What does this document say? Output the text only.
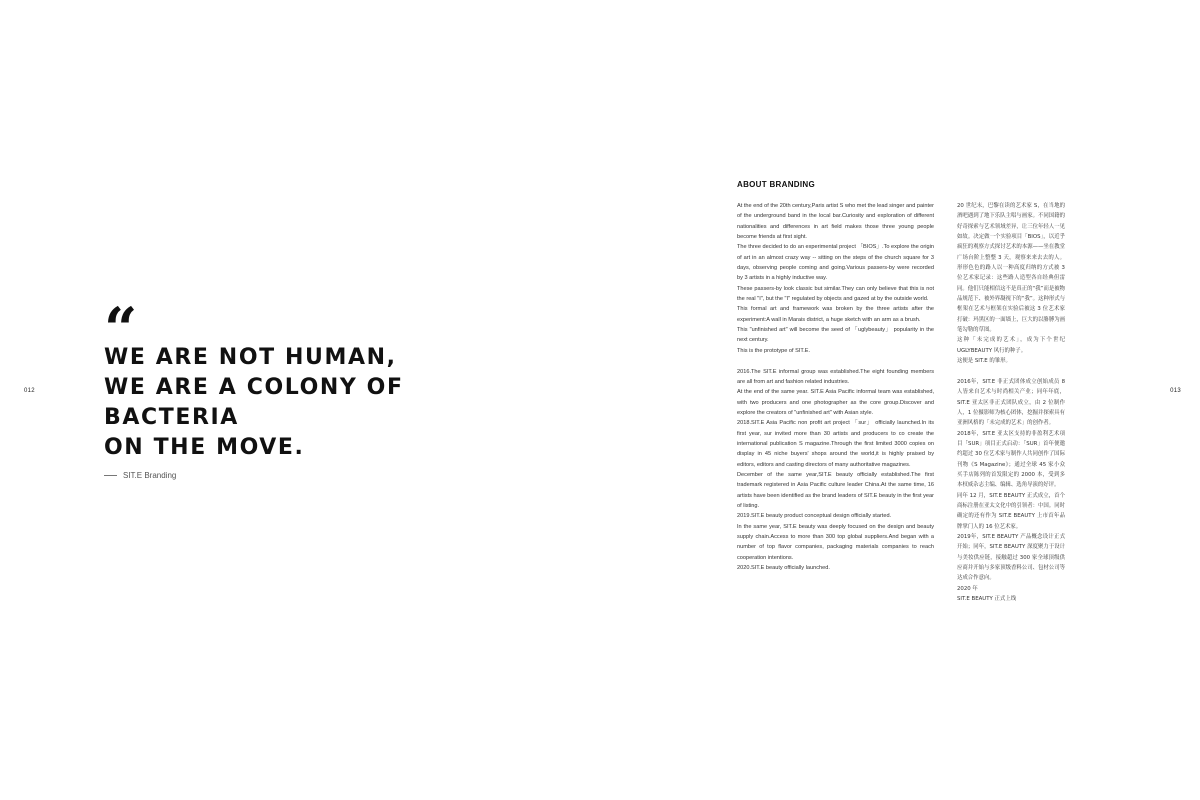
012	013
“
WE ARE NOT HUMAN,
WE ARE A COLONY OF
BACTERIA
ON THE MOVE.
SIT.E Branding
ABOUT BRANDING

At the end of the 20th century,Paris artist S who met the lead singer and painter of the underground band in the local bar.Curiosity and exploration of different nationalities and differences in art field makes those three young people become friends at first sight.

The three decided to do an experimental project 「BIOS」.To explore the origin of art in an almost crazy way -- sitting on the steps of the church square for 3 days, observing people coming and going.Various passers-by were recorded by 3 artists in a highly inductive way.

These passers-by look classic but similar.They can only believe that this is not the real "I", but the "I" regulated by objects and gazed at by the outside world.

This formal art and framework was broken by the three artists after the experiment:A wall in Marais district, a huge sketch with an arm as a brush.

This "unfinished art" will become the seed of 「uglybeauty」 popularity in the next century.

This is the prototype of SIT.E.

2016.The SIT.E informal group was established.The eight founding members are all from art and fashion related industries.

At the end of the same year. SIT.E Asia Pacific informal team was established, with two producers and one photographer as the core group.Discover and explore the creators of "unfinished art" with Asian style.

2018.SIT.E Asia Pacific non profit art project 「sur」 officially launched.In its first year, sur invited more than 30 artists and producers to co create the international publication S magazine.Through the first limited 3000 copies on display in 45 niche buyers' shops around the world,it is highly praised by editors, editors and casting directors of many authoritative magazines.

December of the same year,SIT.E beauty officially established.The first trademark registered in Asia Pacific culture leader China.At the same time, 16 artists have been identified as the brand leaders of SIT.E beauty in the first year of listing.

2019.SIT.E beauty product conceptual design officially started.

In the same year, SIT.E beauty was deeply focused on the design and beauty supply chain.Access to more than 300 top global suppliers.And began with a number of top flavor companies, packaging materials companies to reach cooperation intentions.

2020.SIT.E beauty officially launched.

20 世纪末，巴黎在读的艺术家 S，在当地的酒吧遇到了地下乐队主唱与画家。不同国籍的好奇探索与艺术领域差异，让三位年轻人一见如故。决定做一个实验项目「BIOS」，以近乎疯狂的观察方式探讨艺术的本源——坐在教堂广场台阶上整整 3 天，观察来来去去的人。形形色色的路人以一种高度归纳的方式被 3 位艺术家记录：这些路人造型各自经典但雷同。他们只能相信这不是真正的“我”而是被物品规范下、被外界凝视下的“我”。这种形式与框架在艺术与框架在实验后被这 3 位艺术家打破：玛黑区的一面墙上，巨大的以胳膊为画笔勾勒的草图。

这种「未完成的艺术」，成为下个世纪UGLYBEAUTY 风行的种子。

这便是 SIT.E 的雏形。

2016年，SIT.E 非正式团体成立创始成员 8 人皆来自艺术与时尚相关产业；同年年底，SIT.E 亚太区非正式团队成立，由 2 位制作人，1 位摄影师为核心团体，挖掘并探索具有亚洲风格的「未完成的艺术」的创作者。

2018年，SIT.E 亚太区支持的非盈利艺术项目「SUR」项目正式启动：「SUR」首年便邀约超过 30 位艺术家与制作人共同创作了国际刊物《S Magazine》；通过全球 45 家小众买手店陈列的首发限定的 2000 本，受到多本权威杂志主编、编辑、选角导演的好评。

同年 12 月，SIT.E BEAUTY 正式成立，首个商标注册在亚太文化中的引领者：中国。同时确定的还有作为 SIT.E BEAUTY 上市首年品牌掌门人的 16 位艺术家。

2019年，SIT.E BEAUTY 产品概念设计正式开始；同年，SIT.E BEAUTY 深度聚力于设计与美妆供应链，接触超过 300 家全球顶级供应商并开始与多家顶级香料公司、包材公司等达成合作意向。

2020 年

SIT.E BEAUTY 正式上线
